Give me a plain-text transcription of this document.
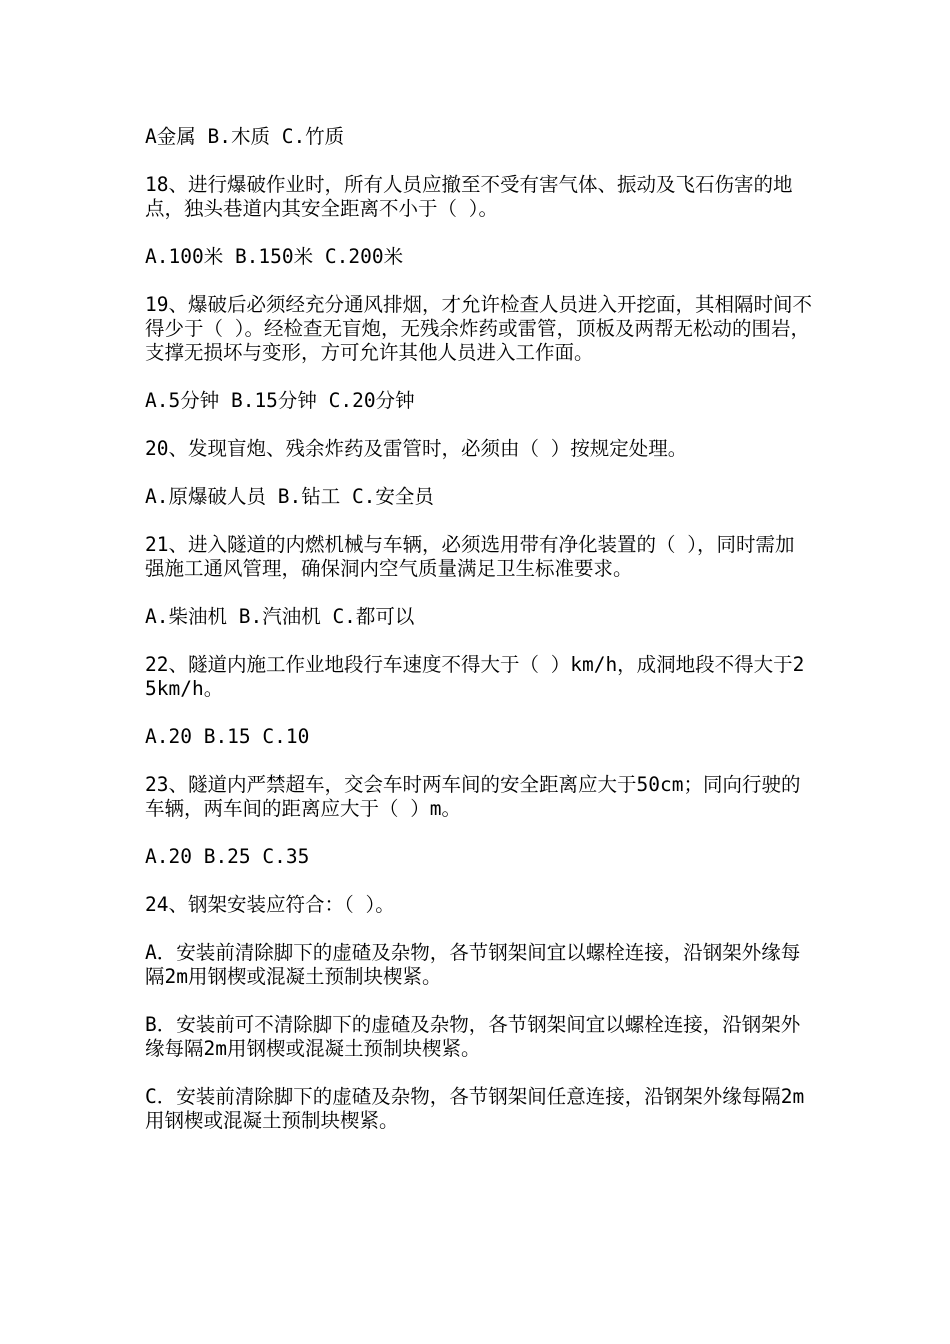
A金属 B.木质 C.竹质

18、进行爆破作业时，所有人员应撤至不受有害气体、振动及飞石伤害的地点，独头巷道内其安全距离不小于（ ）。

A.100米 B.150米 C.200米

19、爆破后必须经充分通风排烟，才允许检查人员进入开挖面，其相隔时间不得少于（ ）。经检查无盲炮，无残余炸药或雷管，顶板及两帮无松动的围岩，支撑无损坏与变形，方可允许其他人员进入工作面。

A.5分钟 B.15分钟 C.20分钟

20、发现盲炮、残余炸药及雷管时，必须由（ ）按规定处理。

A.原爆破人员 B.钻工 C.安全员

21、进入隧道的内燃机械与车辆，必须选用带有净化装置的（ ），同时需加强施工通风管理，确保洞内空气质量满足卫生标准要求。

A.柴油机 B.汽油机 C.都可以

22、隧道内施工作业地段行车速度不得大于（ ）km/h，成洞地段不得大于25km/h。

A.20 B.15 C.10

23、隧道内严禁超车，交会车时两车间的安全距离应大于50cm；同向行驶的车辆，两车间的距离应大于（ ）m。

A.20 B.25 C.35

24、钢架安装应符合：（ ）。

A．安装前清除脚下的虚碴及杂物，各节钢架间宜以螺栓连接，沿钢架外缘每隔2m用钢楔或混凝土预制块楔紧。

B．安装前可不清除脚下的虚碴及杂物，各节钢架间宜以螺栓连接，沿钢架外缘每隔2m用钢楔或混凝土预制块楔紧。

C．安装前清除脚下的虚碴及杂物，各节钢架间任意连接，沿钢架外缘每隔2m用钢楔或混凝土预制块楔紧。
